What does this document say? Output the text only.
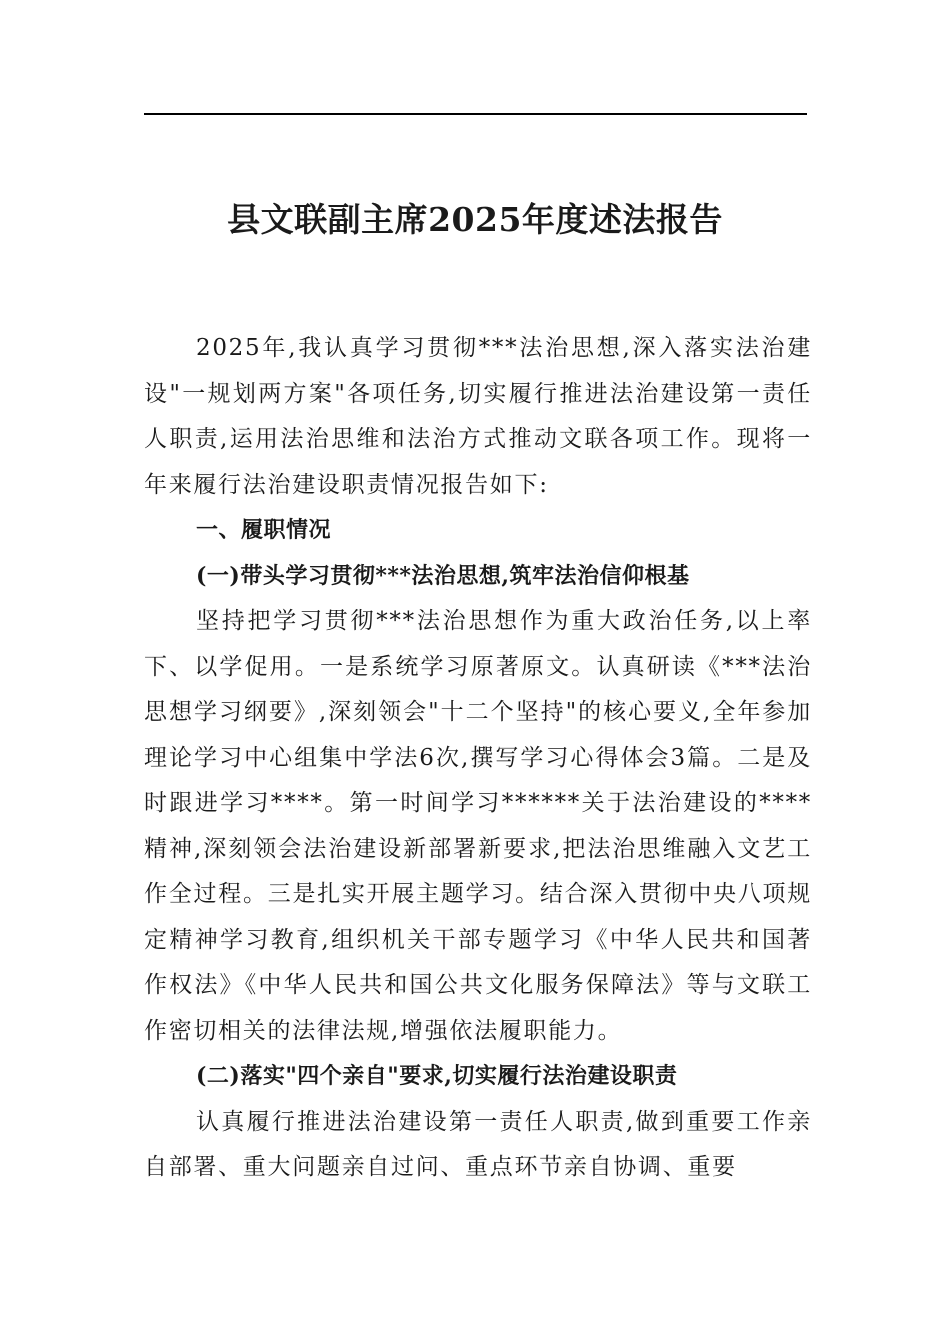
县文联副主席2025年度述法报告

2025年,我认真学习贯彻***法治思想,深入落实法治建设"一规划两方案"各项任务,切实履行推进法治建设第一责任人职责,运用法治思维和法治方式推动文联各项工作。现将一年来履行法治建设职责情况报告如下:

一、履职情况

(一)带头学习贯彻***法治思想,筑牢法治信仰根基

坚持把学习贯彻***法治思想作为重大政治任务,以上率下、以学促用。一是系统学习原著原文。认真研读《***法治思想学习纲要》,深刻领会"十二个坚持"的核心要义,全年参加理论学习中心组集中学法6次,撰写学习心得体会3篇。二是及时跟进学习****。第一时间学习******关于法治建设的****精神,深刻领会法治建设新部署新要求,把法治思维融入文艺工作全过程。三是扎实开展主题学习。结合深入贯彻中央八项规定精神学习教育,组织机关干部专题学习《中华人民共和国著作权法》《中华人民共和国公共文化服务保障法》等与文联工作密切相关的法律法规,增强依法履职能力。

(二)落实"四个亲自"要求,切实履行法治建设职责

认真履行推进法治建设第一责任人职责,做到重要工作亲自部署、重大问题亲自过问、重点环节亲自协调、重要
